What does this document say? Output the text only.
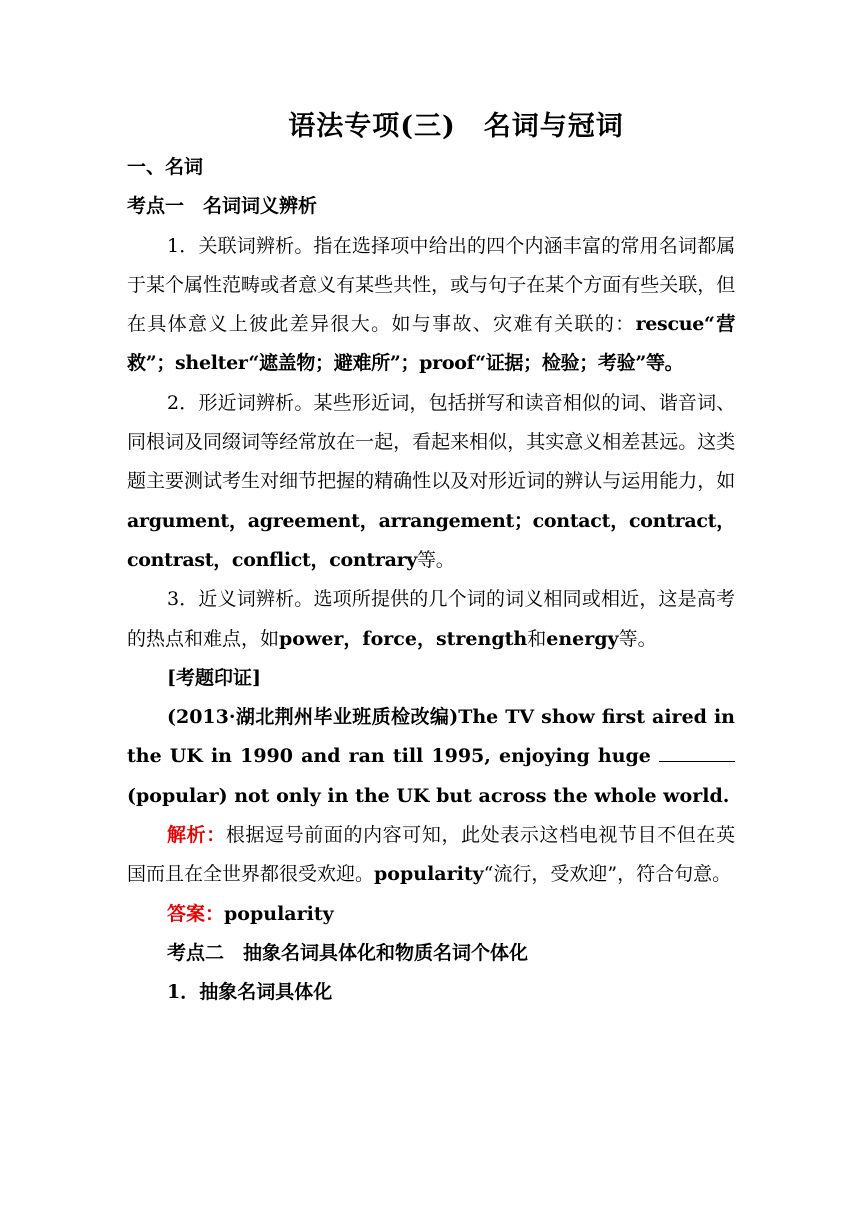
语法专项(三)　名词与冠词

一、名词

考点一　名词词义辨析

1．关联词辨析。指在选择项中给出的四个内涵丰富的常用名词都属于某个属性范畴或者意义有某些共性，或与句子在某个方面有些关联，但在具体意义上彼此差异很大。如与事故、灾难有关联的：rescue“营救”；shelter“遮盖物；避难所”；proof“证据；检验；考验”等。

2．形近词辨析。某些形近词，包括拼写和读音相似的词、谐音词、同根词及同缀词等经常放在一起，看起来相似，其实意义相差甚远。这类题主要测试考生对细节把握的精确性以及对形近词的辨认与运用能力，如argument，agreement，arrangement；contact，contract，contrast，conflict，contrary等。

3．近义词辨析。选项所提供的几个词的词义相同或相近，这是高考的热点和难点，如power，force，strength和energy等。

[考题印证]

(2013·湖北荆州毕业班质检改编)The TV show first aired in the UK in 1990 and ran till 1995, enjoying huge (popular) not only in the UK but across the whole world.

解析：根据逗号前面的内容可知，此处表示这档电视节目不但在英国而且在全世界都很受欢迎。popularity“流行，受欢迎”，符合句意。

答案：popularity

考点二　抽象名词具体化和物质名词个体化

1．抽象名词具体化
